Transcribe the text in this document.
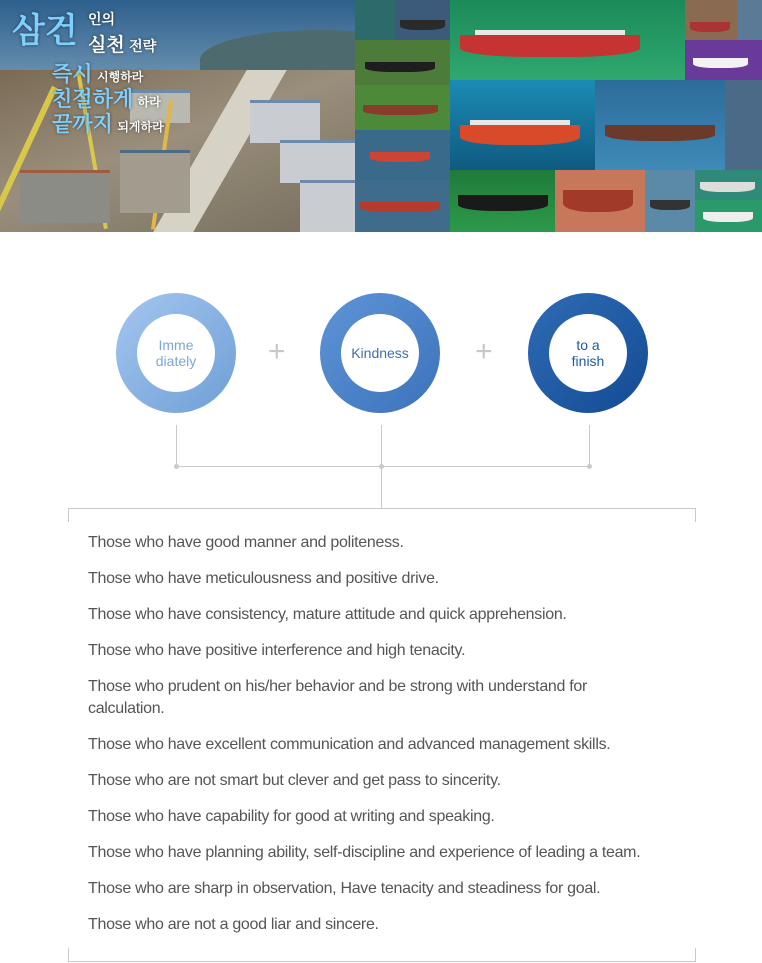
삼건 인의
실천 전략
즉시 시행하라
친절하게 하라
끝까지 되게하라
Imme
diately	+	Kindness	+	to a
finish
Those who have good manner and politeness.
Those who have meticulousness and positive drive.
Those who have consistency, mature attitude and quick apprehension.
Those who have positive interference and high tenacity.
Those who prudent on his/her behavior and be strong with understand for calculation.
Those who have excellent communication and advanced management skills.
Those who are not smart but clever and get pass to sincerity.
Those who have capability for good at writing and speaking.
Those who have planning ability, self-discipline and experience of leading a team.
Those who are sharp in observation, Have tenacity and steadiness for goal.
Those who are not a good liar and sincere.
